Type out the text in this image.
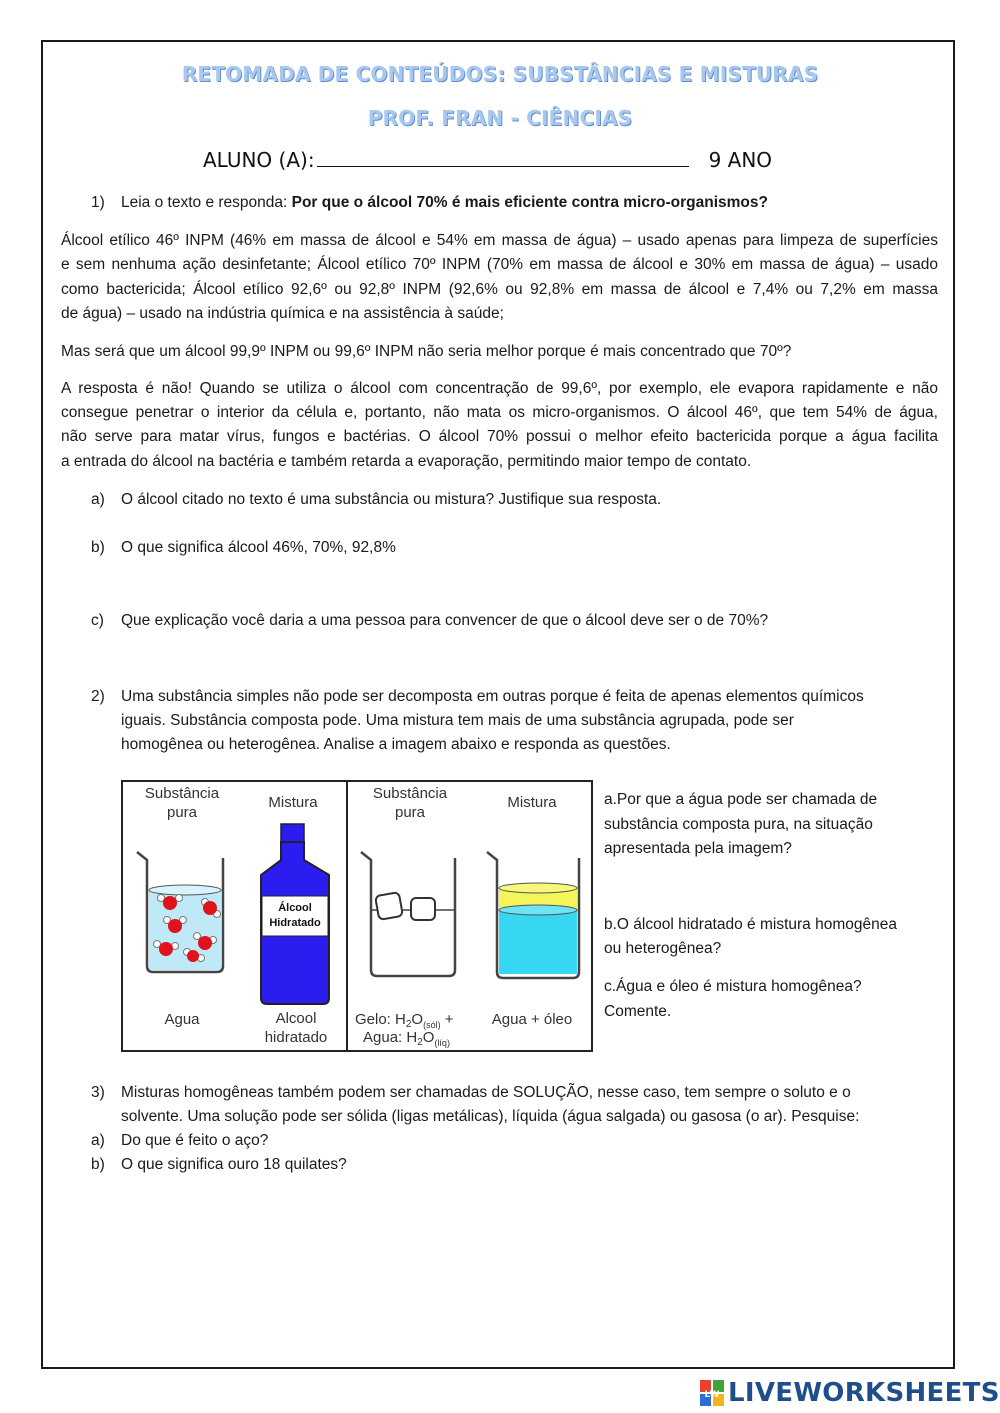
RETOMADA DE CONTEÚDOS: SUBSTÂNCIAS E MISTURAS
PROF. FRAN - CIÊNCIAS
ALUNO (A):	9 ANO
1) Leia o texto e responda: Por que o álcool 70% é mais eficiente contra micro-organismos?
Álcool etílico 46º INPM (46% em massa de álcool e 54% em massa de água) – usado apenas para limpeza de superfícies
e sem nenhuma ação desinfetante; Álcool etílico 70º INPM (70% em massa de álcool e 30% em massa de água) – usado
como bactericida; Álcool etílico 92,6º ou 92,8º INPM (92,6% ou 92,8% em massa de álcool e 7,4% ou 7,2% em massa
de água) – usado na indústria química e na assistência à saúde;
Mas será que um álcool 99,9º INPM ou 99,6º INPM não seria melhor porque é mais concentrado que 70º?
A resposta é não! Quando se utiliza o álcool com concentração de 99,6º, por exemplo, ele evapora rapidamente e não
consegue penetrar o interior da célula e, portanto, não mata os micro-organismos. O álcool 46º, que tem 54% de água,
não serve para matar vírus, fungos e bactérias. O álcool 70% possui o melhor efeito bactericida porque a água facilita
a entrada do álcool na bactéria e também retarda a evaporação, permitindo maior tempo de contato.
a) O álcool citado no texto é uma substância ou mistura? Justifique sua resposta.
b) O que significa álcool 46%, 70%, 92,8%
c) Que explicação você daria a uma pessoa para convencer de que o álcool deve ser o de 70%?
2) Uma substância simples não pode ser decomposta em outras porque é feita de apenas elementos químicos
iguais. Substância composta pode. Uma mistura tem mais de uma substância agrupada, pode ser
homogênea ou heterogênea. Analise a imagem abaixo e responda as questões.
Substância
pura
Mistura
Substância
pura
Mistura
Álcool
Hidratado
Agua	Alcool
hidratado
Gelo: $H_2O_{(sól)}$ +
Agua: $H_2O_{(líq)}$
Agua + óleo
a.Por que a água pode ser chamada de
substância composta pura, na situação
apresentada pela imagem?
b.O álcool hidratado é mistura homogênea
ou heterogênea?
c.Água e óleo é mistura homogênea?
Comente.
3) Misturas homogêneas também podem ser chamadas de SOLUÇÃO, nesse caso, tem sempre o soluto e o
solvente. Uma solução pode ser sólida (ligas metálicas), líquida (água salgada) ou gasosa (o ar). Pesquise:
a) Do que é feito o aço?
b) O que significa ouro 18 quilates?
LW LIVEWORKSHEETS
